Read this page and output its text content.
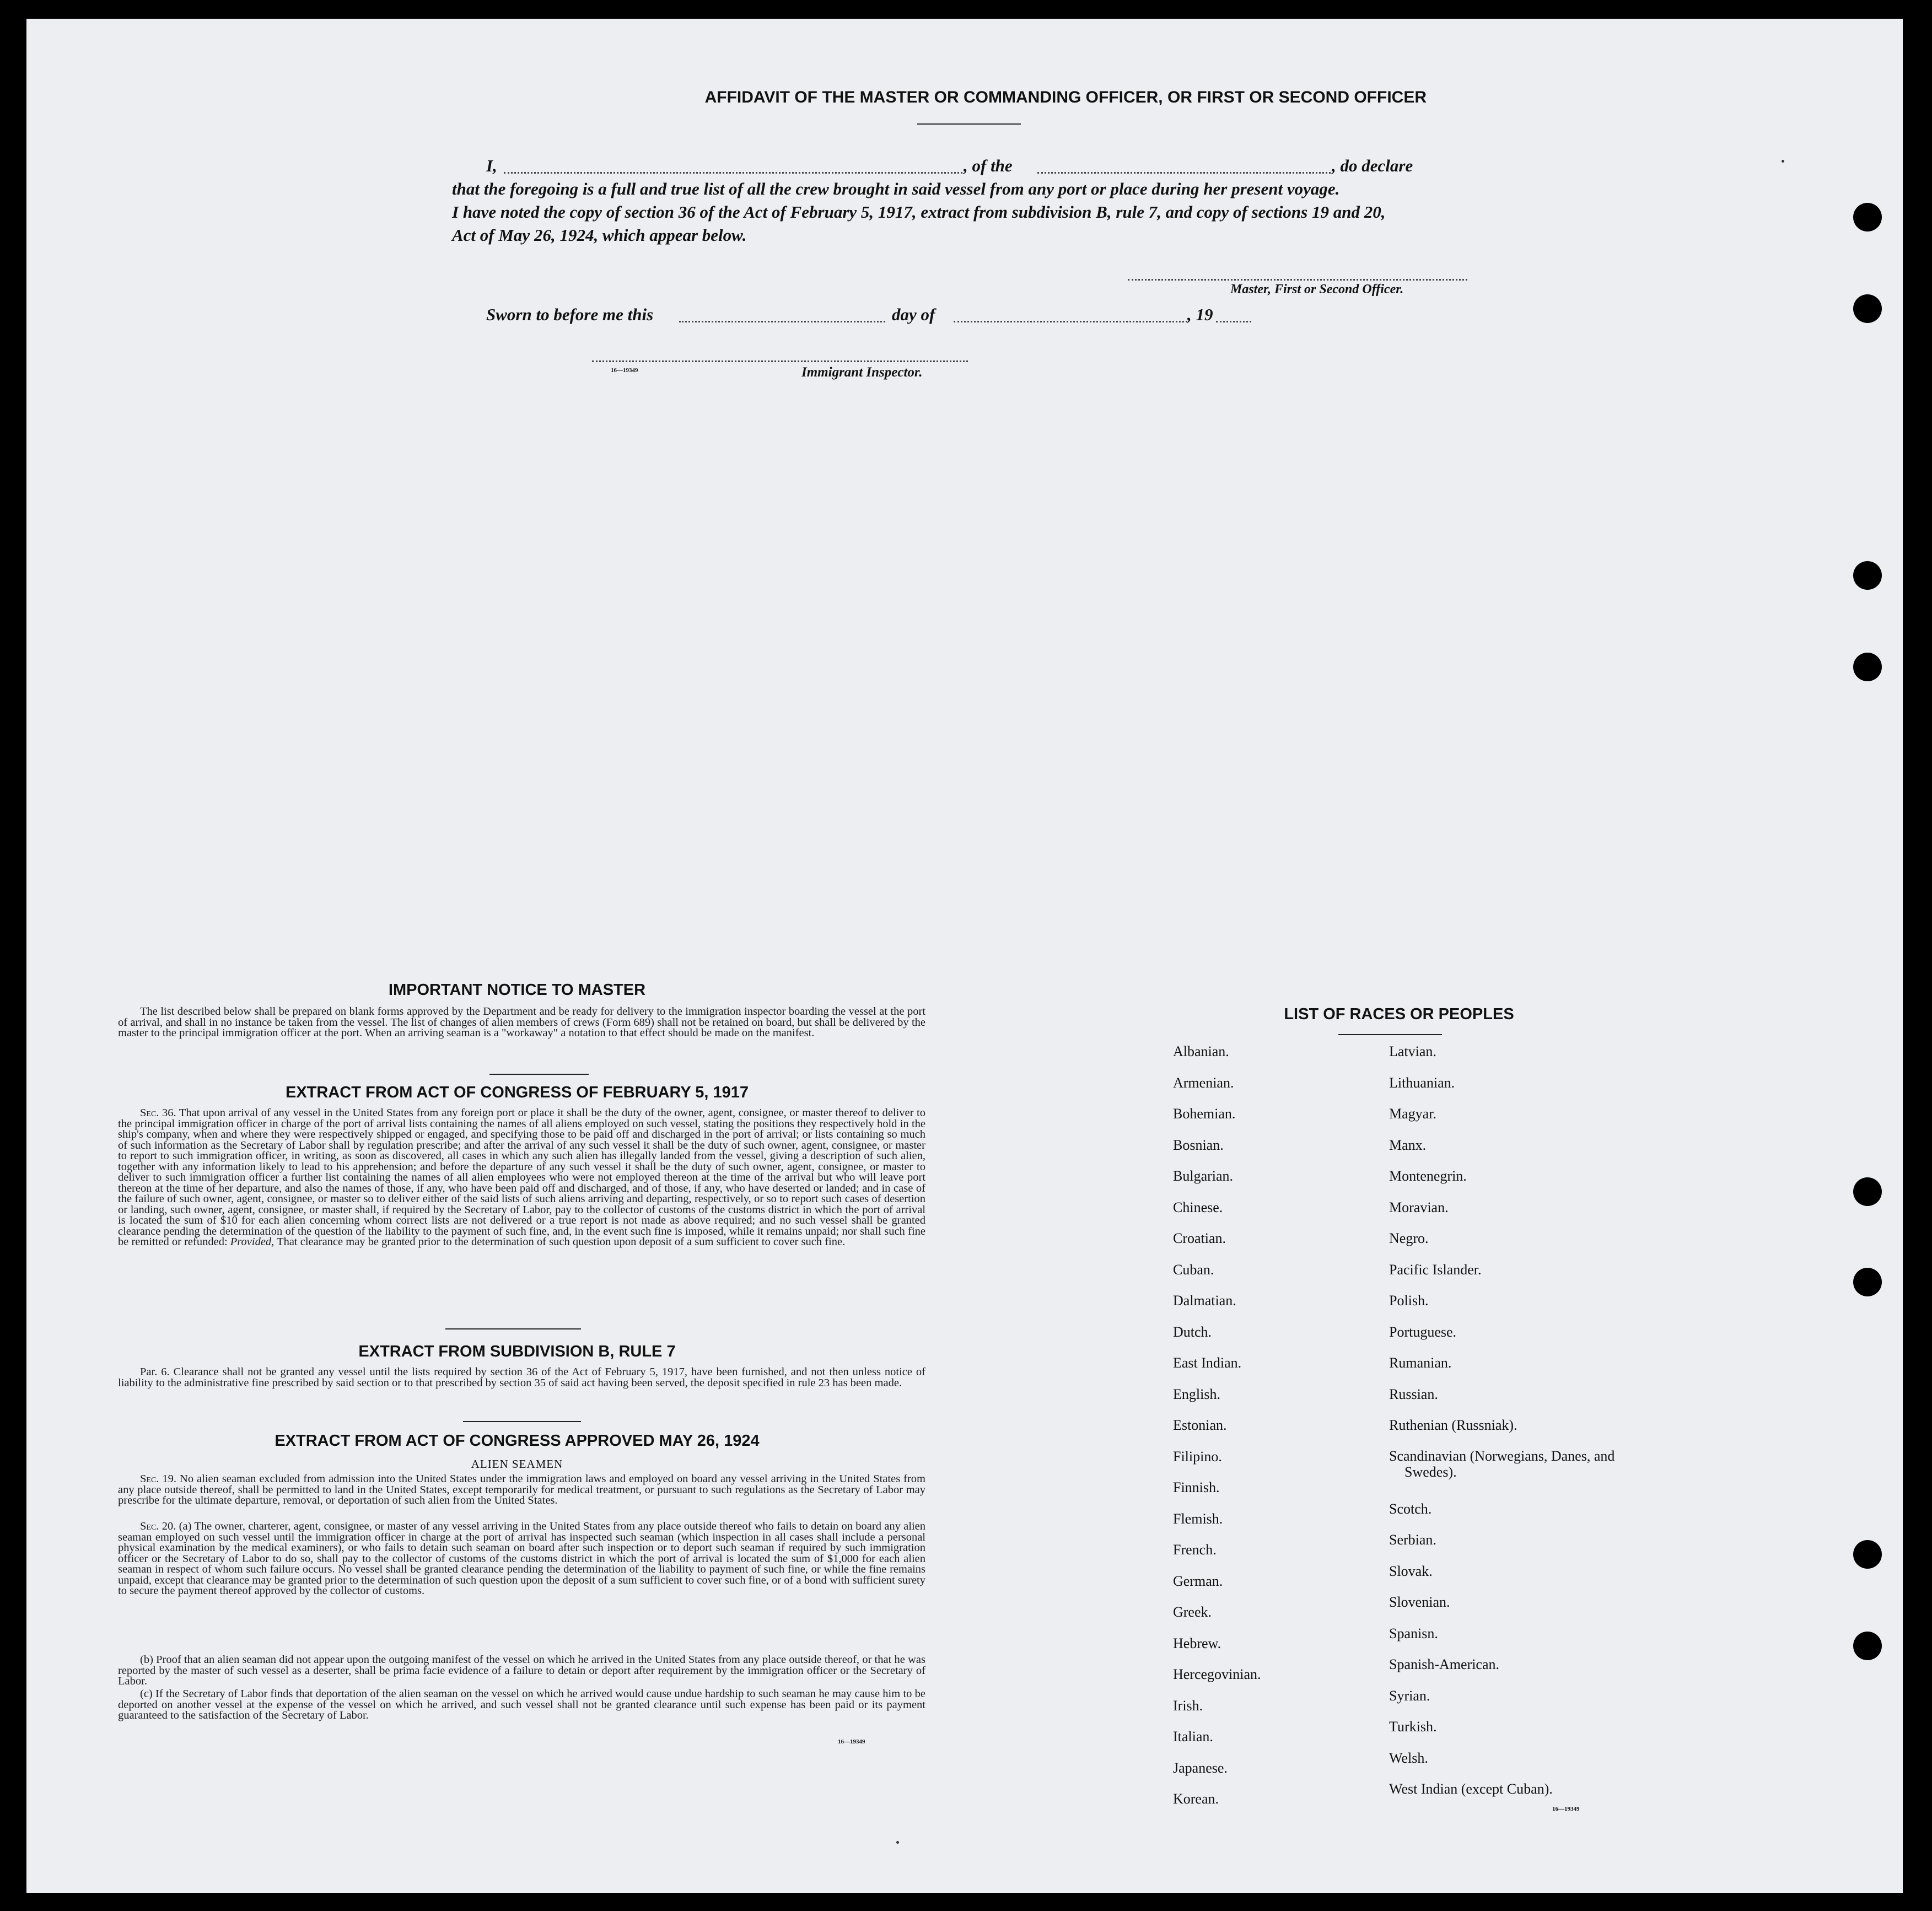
AFFIDAVIT OF THE MASTER OR COMMANDING OFFICER, OR FIRST OR SECOND OFFICER
I,	, of the	, do declare
that the foregoing is a full and true list of all the crew brought in said vessel from any port or place during her present voyage.
I have noted the copy of section 36 of the Act of February 5, 1917, extract from subdivision B, rule 7, and copy of sections 19 and 20,
Act of May 26, 1924, which appear below.
Master, First or Second Officer.
Sworn to before me this	day of	, 19
16—19349	Immigrant Inspector.
IMPORTANT NOTICE TO MASTER
The list described below shall be prepared on blank forms approved by the Department and be ready for delivery to the immigration inspector boarding the vessel at the port of arrival, and shall in no instance be taken from the vessel. The list of changes of alien members of crews (Form 689) shall not be retained on board, but shall be delivered by the master to the principal immigration officer at the port. When an arriving seaman is a "workaway" a notation to that effect should be made on the manifest.
EXTRACT FROM ACT OF CONGRESS OF FEBRUARY 5, 1917
Sec. 36. That upon arrival of any vessel in the United States from any foreign port or place it shall be the duty of the owner, agent, consignee, or master thereof to deliver to the principal immigration officer in charge of the port of arrival lists containing the names of all aliens employed on such vessel, stating the positions they respectively hold in the ship's company, when and where they were respectively shipped or engaged, and specifying those to be paid off and discharged in the port of arrival; or lists containing so much of such information as the Secretary of Labor shall by regulation prescribe; and after the arrival of any such vessel it shall be the duty of such owner, agent, consignee, or master to report to such immigration officer, in writing, as soon as discovered, all cases in which any such alien has illegally landed from the vessel, giving a description of such alien, together with any information likely to lead to his apprehension; and before the departure of any such vessel it shall be the duty of such owner, agent, consignee, or master to deliver to such immigration officer a further list containing the names of all alien employees who were not employed thereon at the time of the arrival but who will leave port thereon at the time of her departure, and also the names of those, if any, who have been paid off and discharged, and of those, if any, who have deserted or landed; and in case of the failure of such owner, agent, consignee, or master so to deliver either of the said lists of such aliens arriving and departing, respectively, or so to report such cases of desertion or landing, such owner, agent, consignee, or master shall, if required by the Secretary of Labor, pay to the collector of customs of the customs district in which the port of arrival is located the sum of $10 for each alien concerning whom correct lists are not delivered or a true report is not made as above required; and no such vessel shall be granted clearance pending the determination of the question of the liability to the payment of such fine, and, in the event such fine is imposed, while it remains unpaid; nor shall such fine be remitted or refunded: Provided, That clearance may be granted prior to the determination of such question upon deposit of a sum sufficient to cover such fine.
EXTRACT FROM SUBDIVISION B, RULE 7
Par. 6. Clearance shall not be granted any vessel until the lists required by section 36 of the Act of February 5, 1917, have been furnished, and not then unless notice of liability to the administrative fine prescribed by said section or to that prescribed by section 35 of said act having been served, the deposit specified in rule 23 has been made.
EXTRACT FROM ACT OF CONGRESS APPROVED MAY 26, 1924
ALIEN SEAMEN
Sec. 19. No alien seaman excluded from admission into the United States under the immigration laws and employed on board any vessel arriving in the United States from any place outside thereof, shall be permitted to land in the United States, except temporarily for medical treatment, or pursuant to such regulations as the Secretary of Labor may prescribe for the ultimate departure, removal, or deportation of such alien from the United States.
Sec. 20. (a) The owner, charterer, agent, consignee, or master of any vessel arriving in the United States from any place outside thereof who fails to detain on board any alien seaman employed on such vessel until the immigration officer in charge at the port of arrival has inspected such seaman (which inspection in all cases shall include a personal physical examination by the medical examiners), or who fails to detain such seaman on board after such inspection or to deport such seaman if required by such immigration officer or the Secretary of Labor to do so, shall pay to the collector of customs of the customs district in which the port of arrival is located the sum of $1,000 for each alien seaman in respect of whom such failure occurs. No vessel shall be granted clearance pending the determination of the liability to payment of such fine, or while the fine remains unpaid, except that clearance may be granted prior to the determination of such question upon the deposit of a sum sufficient to cover such fine, or of a bond with sufficient surety to secure the payment thereof approved by the collector of customs.
(b) Proof that an alien seaman did not appear upon the outgoing manifest of the vessel on which he arrived in the United States from any place outside thereof, or that he was reported by the master of such vessel as a deserter, shall be prima facie evidence of a failure to detain or deport after requirement by the immigration officer or the Secretary of Labor.
(c) If the Secretary of Labor finds that deportation of the alien seaman on the vessel on which he arrived would cause undue hardship to such seaman he may cause him to be deported on another vessel at the expense of the vessel on which he arrived, and such vessel shall not be granted clearance until such expense has been paid or its payment guaranteed to the satisfaction of the Secretary of Labor.
16—19349
LIST OF RACES OR PEOPLES
Albanian.
Armenian.
Bohemian.
Bosnian.
Bulgarian.
Chinese.
Croatian.
Cuban.
Dalmatian.
Dutch.
East Indian.
English.
Estonian.
Filipino.
Finnish.
Flemish.
French.
German.
Greek.
Hebrew.
Hercegovinian.
Irish.
Italian.
Japanese.
Korean.
Latvian.
Lithuanian.
Magyar.
Manx.
Montenegrin.
Moravian.
Negro.
Pacific Islander.
Polish.
Portuguese.
Rumanian.
Russian.
Ruthenian (Russniak).
Scandinavian (Norwegians, Danes, and Swedes).
Scotch.
Serbian.
Slovak.
Slovenian.
Spanisn.
Spanish-American.
Syrian.
Turkish.
Welsh.
West Indian (except Cuban).
16—19349
